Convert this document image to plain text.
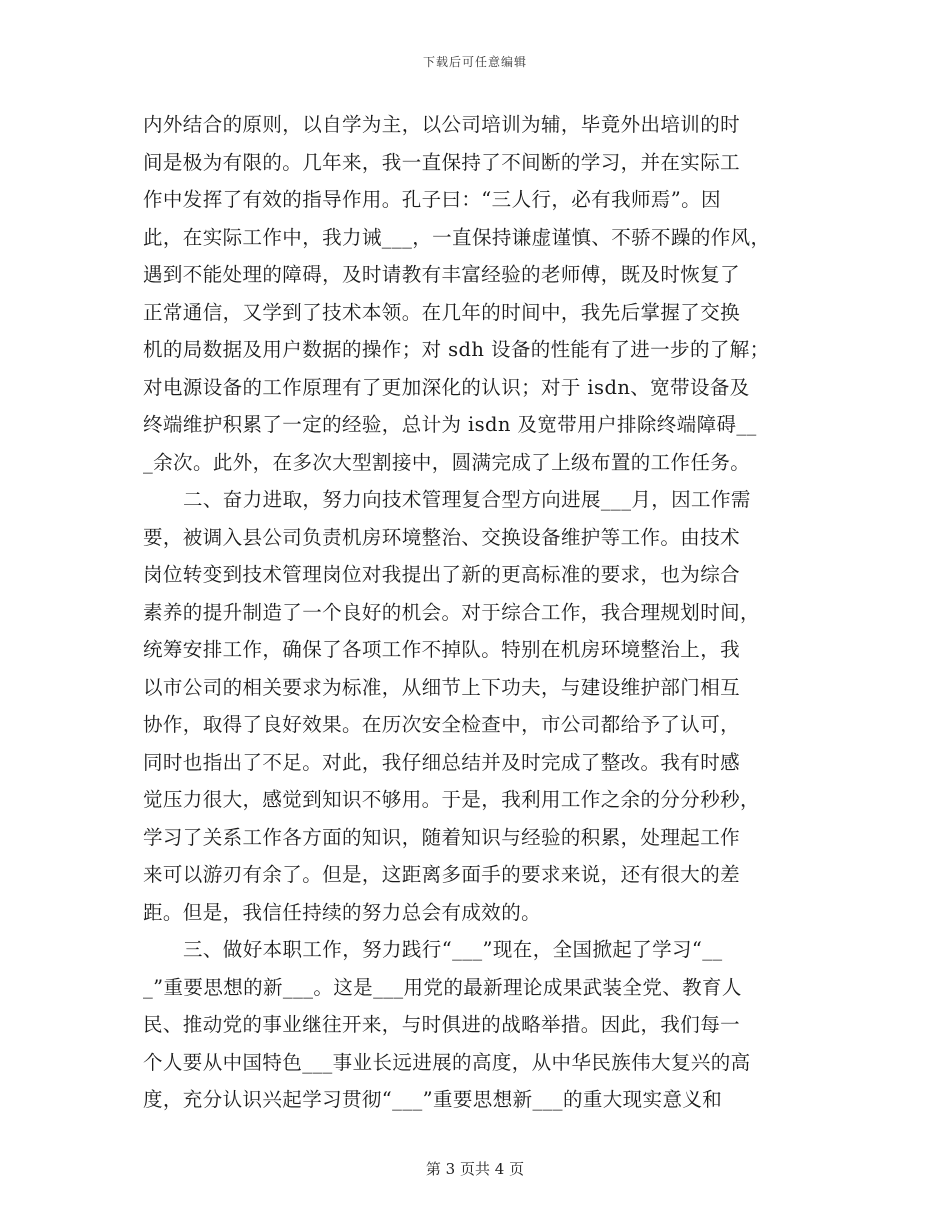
下载后可任意编辑
内外结合的原则，以自学为主，以公司培训为辅，毕竟外出培训的时
间是极为有限的。几年来，我一直保持了不间断的学习，并在实际工
作中发挥了有效的指导作用。孔子曰：“三人行，必有我师焉”。因
此，在实际工作中，我力诫___，一直保持谦虚谨慎、不骄不躁的作风，
遇到不能处理的障碍，及时请教有丰富经验的老师傅，既及时恢复了
正常通信，又学到了技术本领。在几年的时间中，我先后掌握了交换
机的局数据及用户数据的操作；对 sdh 设备的性能有了进一步的了解；
对电源设备的工作原理有了更加深化的认识；对于 isdn、宽带设备及
终端维护积累了一定的经验，总计为 isdn 及宽带用户排除终端障碍__
_余次。此外，在多次大型割接中，圆满完成了上级布置的工作任务。
二、奋力进取，努力向技术管理复合型方向进展___月，因工作需
要，被调入县公司负责机房环境整治、交换设备维护等工作。由技术
岗位转变到技术管理岗位对我提出了新的更高标准的要求，也为综合
素养的提升制造了一个良好的机会。对于综合工作，我合理规划时间，
统筹安排工作，确保了各项工作不掉队。特别在机房环境整治上，我
以市公司的相关要求为标准，从细节上下功夫，与建设维护部门相互
协作，取得了良好效果。在历次安全检查中，市公司都给予了认可，
同时也指出了不足。对此，我仔细总结并及时完成了整改。我有时感
觉压力很大，感觉到知识不够用。于是，我利用工作之余的分分秒秒，
学习了关系工作各方面的知识，随着知识与经验的积累，处理起工作
来可以游刃有余了。但是，这距离多面手的要求来说，还有很大的差
距。但是，我信任持续的努力总会有成效的。
三、做好本职工作，努力践行“___”现在，全国掀起了学习“__
_”重要思想的新___。这是___用党的最新理论成果武装全党、教育人
民、推动党的事业继往开来，与时俱进的战略举措。因此，我们每一
个人要从中国特色___事业长远进展的高度，从中华民族伟大复兴的高
度，充分认识兴起学习贯彻“___”重要思想新___的重大现实意义和
第 3 页共 4 页
